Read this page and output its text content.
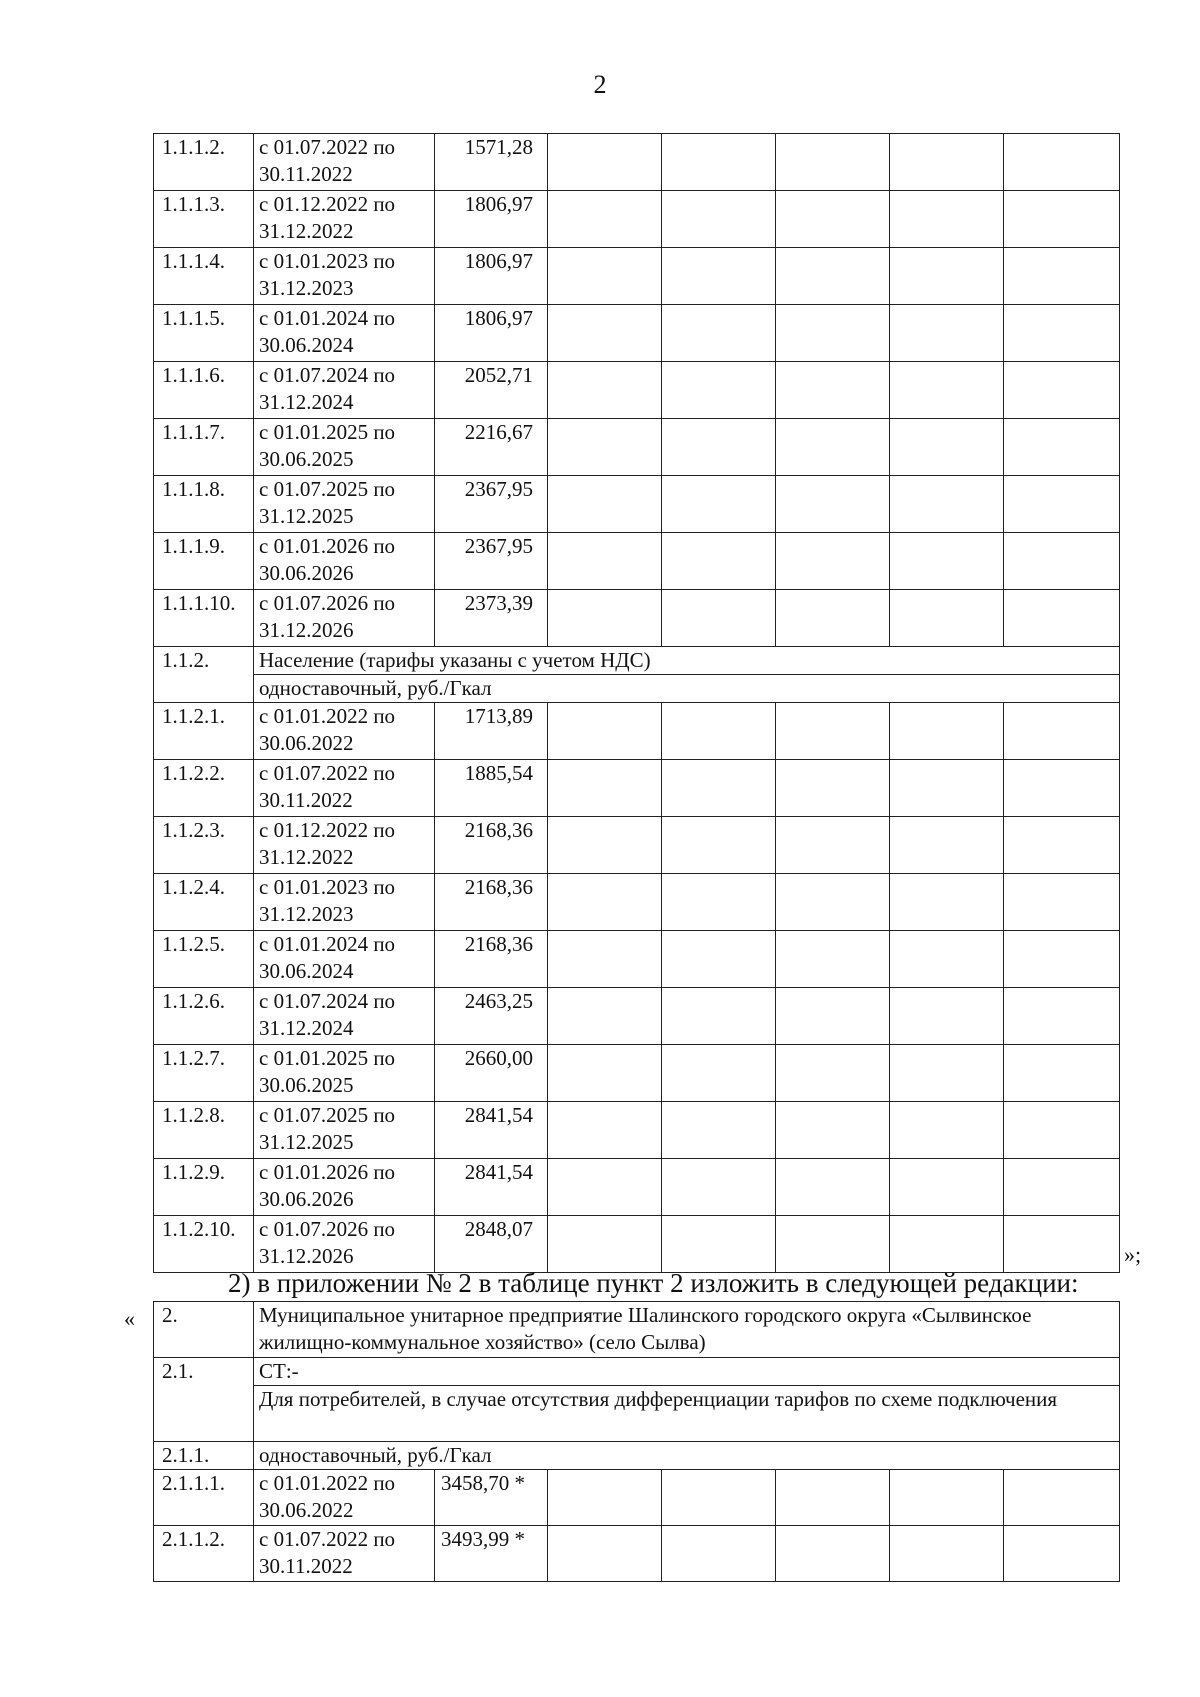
2
1.1.1.2.	с 01.07.2022 по 30.11.2022	1571,28					
1.1.1.3.	с 01.12.2022 по 31.12.2022	1806,97					
1.1.1.4.	с 01.01.2023 по 31.12.2023	1806,97					
1.1.1.5.	с 01.01.2024 по 30.06.2024	1806,97					
1.1.1.6.	с 01.07.2024 по 31.12.2024	2052,71					
1.1.1.7.	с 01.01.2025 по 30.06.2025	2216,67					
1.1.1.8.	с 01.07.2025 по 31.12.2025	2367,95					
1.1.1.9.	с 01.01.2026 по 30.06.2026	2367,95					
1.1.1.10.	с 01.07.2026 по 31.12.2026	2373,39					
1.1.2.	Население (тарифы указаны с учетом НДС)						
	одноставочный, руб./Гкал						
1.1.2.1.	с 01.01.2022 по 30.06.2022	1713,89					
1.1.2.2.	с 01.07.2022 по 30.11.2022	1885,54					
1.1.2.3.	с 01.12.2022 по 31.12.2022	2168,36					
1.1.2.4.	с 01.01.2023 по 31.12.2023	2168,36					
1.1.2.5.	с 01.01.2024 по 30.06.2024	2168,36					
1.1.2.6.	с 01.07.2024 по 31.12.2024	2463,25					
1.1.2.7.	с 01.01.2025 по 30.06.2025	2660,00					
1.1.2.8.	с 01.07.2025 по 31.12.2025	2841,54					
1.1.2.9.	с 01.01.2026 по 30.06.2026	2841,54					
1.1.2.10.	с 01.07.2026 по 31.12.2026	2848,07					
»;
2) в приложении № 2 в таблице пункт 2 изложить в следующей редакции:
« 2.	Муниципальное унитарное предприятие Шалинского городского округа «Сылвинское жилищно-коммунальное хозяйство» (село Сылва)						
2.1.	СТ:-						
	Для потребителей, в случае отсутствия дифференциации тарифов по схеме подключения						
2.1.1.	одноставочный, руб./Гкал						
2.1.1.1.	с 01.01.2022 по 30.06.2022	3458,70 *					
2.1.1.2.	с 01.07.2022 по 30.11.2022	3493,99 *					
